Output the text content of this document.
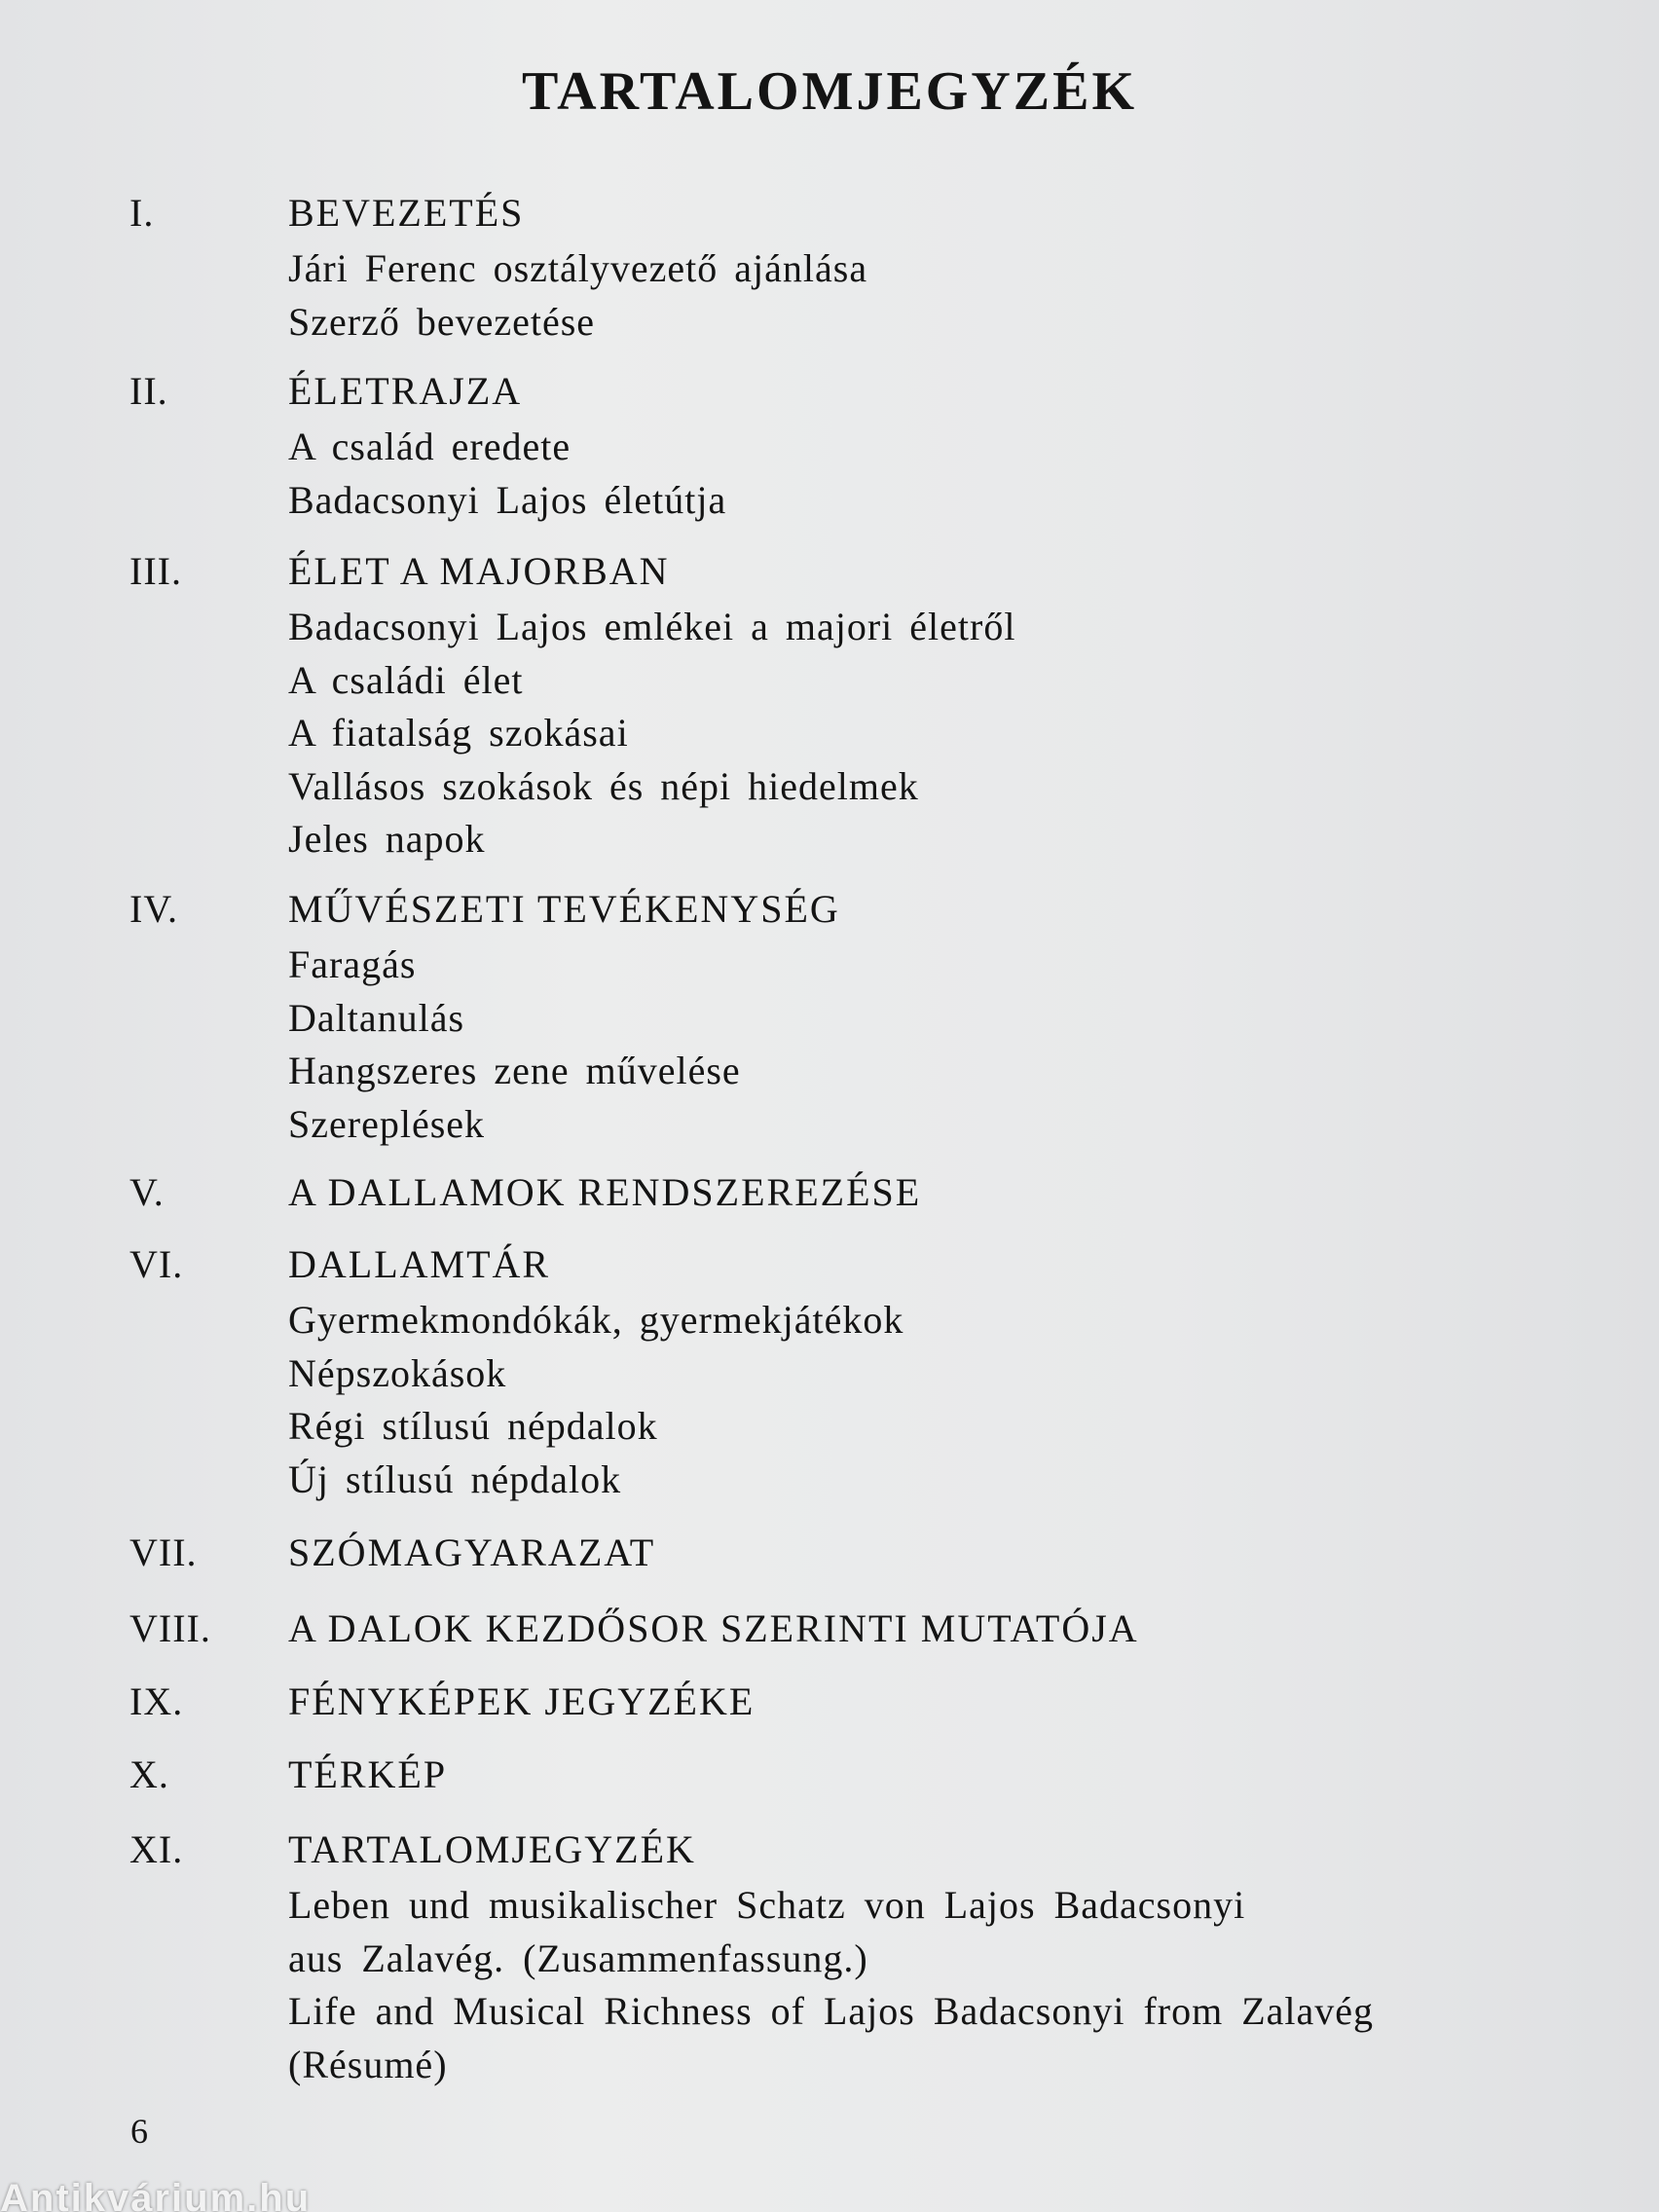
TARTALOMJEGYZÉK
I.	BEVEZETÉS
Jári Ferenc osztályvezető ajánlása
Szerző bevezetése
II.	ÉLETRAJZA
A család eredete
Badacsonyi Lajos életútja
III.	ÉLET A MAJORBAN
Badacsonyi Lajos emlékei a majori életről
A családi élet
A fiatalság szokásai
Vallásos szokások és népi hiedelmek
Jeles napok
IV.	MŰVÉSZETI TEVÉKENYSÉG
Faragás
Daltanulás
Hangszeres zene művelése
Szereplések
V.	A DALLAMOK RENDSZEREZÉSE
VI.	DALLAMTÁR
Gyermekmondókák, gyermekjátékok
Népszokások
Régi stílusú népdalok
Új stílusú népdalok
VII. SZÓMAGYARAZAT
VIII. A DALOK KEZDŐSOR SZERINTI MUTATÓJA
IX.	FÉNYKÉPEK JEGYZÉKE
X.	TÉRKÉP
XI.	TARTALOMJEGYZÉK
Leben und musikalischer Schatz von Lajos Badacsonyi
aus Zalavég. (Zusammenfassung.)
Life and Musical Richness of Lajos Badacsonyi from Zalavég
(Résumé)
6
Antikvárium.hu
